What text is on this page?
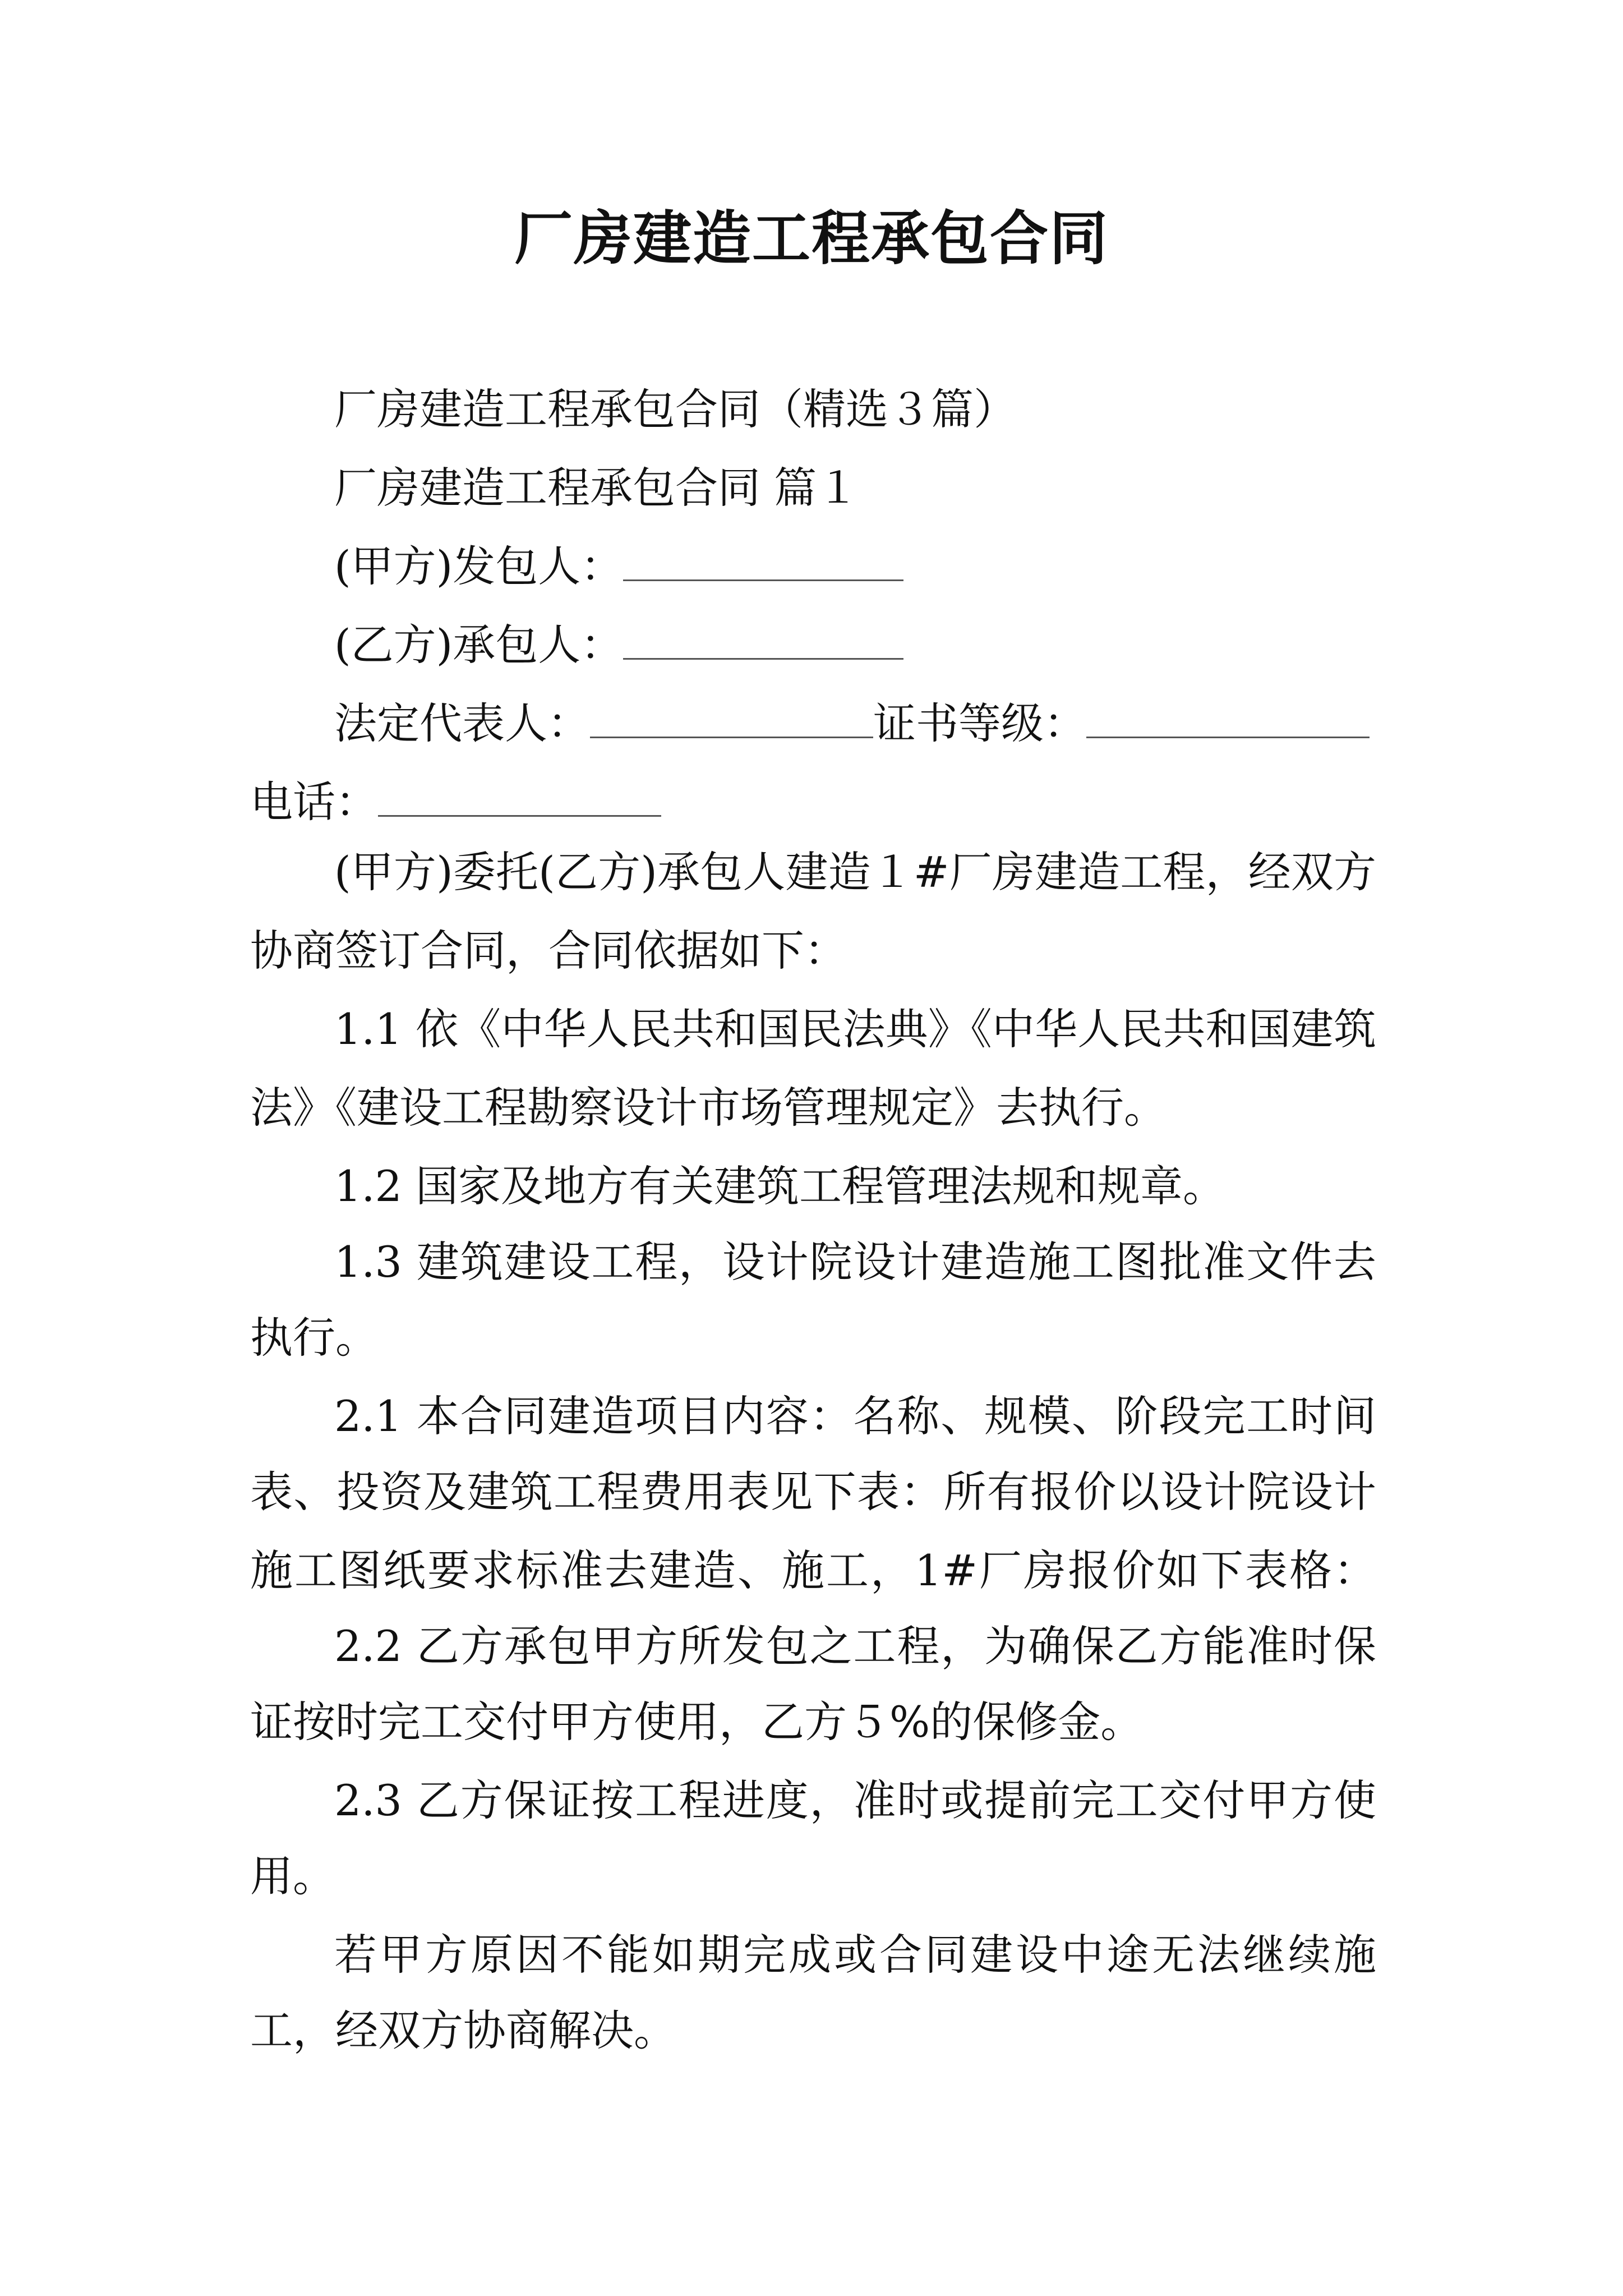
厂房建造工程承包合同
厂房建造工程承包合同（精选３篇）
厂房建造工程承包合同 篇１
(甲方)发包人：
(乙方)承包人：
法定代表人：	证书等级：
电话：
(甲方)委托(乙方)承包人建造１#厂房建造工程，经双方
协商签订合同，合同依据如下：
1.1 依《中华人民共和国民法典》《中华人民共和国建筑
法》《建设工程勘察设计市场管理规定》去执行。
1.2 国家及地方有关建筑工程管理法规和规章。
1.3 建筑建设工程，设计院设计建造施工图批准文件去
执行。
2.1 本合同建造项目内容：名称、规模、阶段完工时间
表、投资及建筑工程费用表见下表：所有报价以设计院设计
施工图纸要求标准去建造、施工，1#厂房报价如下表格：
2.2 乙方承包甲方所发包之工程，为确保乙方能准时保
证按时完工交付甲方使用，乙方５%的保修金。
2.3 乙方保证按工程进度，准时或提前完工交付甲方使
用。
若甲方原因不能如期完成或合同建设中途无法继续施
工，经双方协商解决。
